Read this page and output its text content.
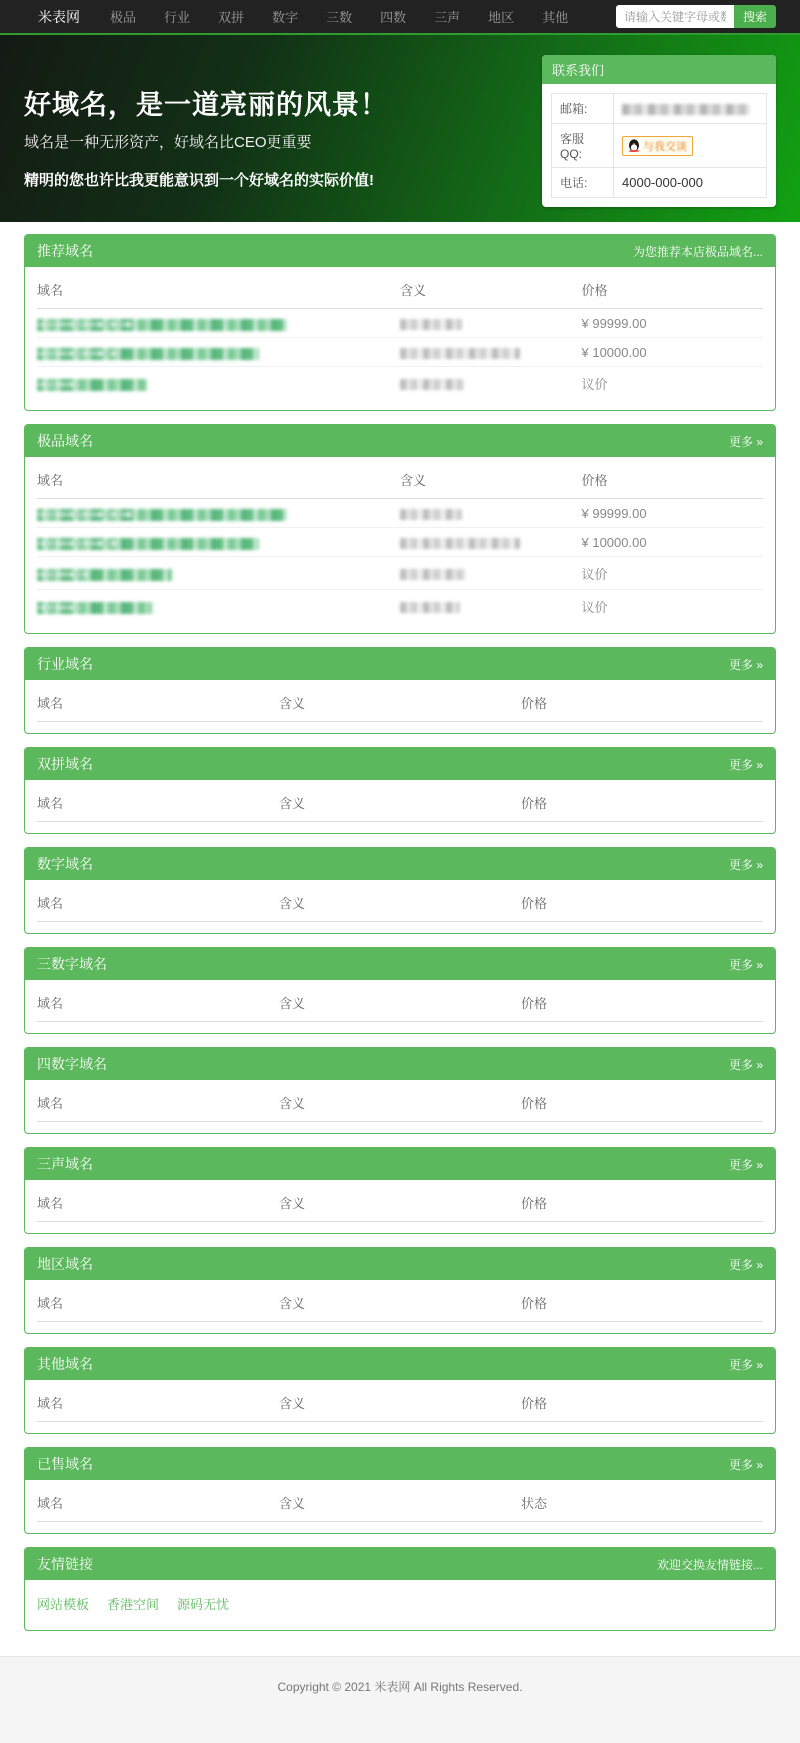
米表网	极品	行业	双拼	数字	三数	四数	三声	地区	其他
请输入关键字母或数字	搜索
好域名，是一道亮丽的风景！

域名是一种无形资产，好域名比CEO更重要

精明的您也许比我更能意识到一个好域名的实际价值!

联系我们
邮箱:	
客服QQ:	与我交谈

电话:	4000-000-000
推荐域名	为您推荐本店极品域名...
域名	含义	价格
		¥ 99999.00
		¥ 10000.00
		议价
极品域名	更多 »
域名	含义	价格
		¥ 99999.00
		¥ 10000.00
		议价
		议价
行业域名	更多 »
域名	含义	价格
双拼域名	更多 »
域名	含义	价格
数字域名	更多 »
域名	含义	价格
三数字域名	更多 »
域名	含义	价格
四数字域名	更多 »
域名	含义	价格
三声域名	更多 »
域名	含义	价格
地区域名	更多 »
域名	含义	价格
其他域名	更多 »
域名	含义	价格
已售域名	更多 »
域名	含义	状态
友情链接	欢迎交换友情链接...
网站模板 香港空间 源码无忧

Copyright © 2021 米表网 All Rights Reserved.
